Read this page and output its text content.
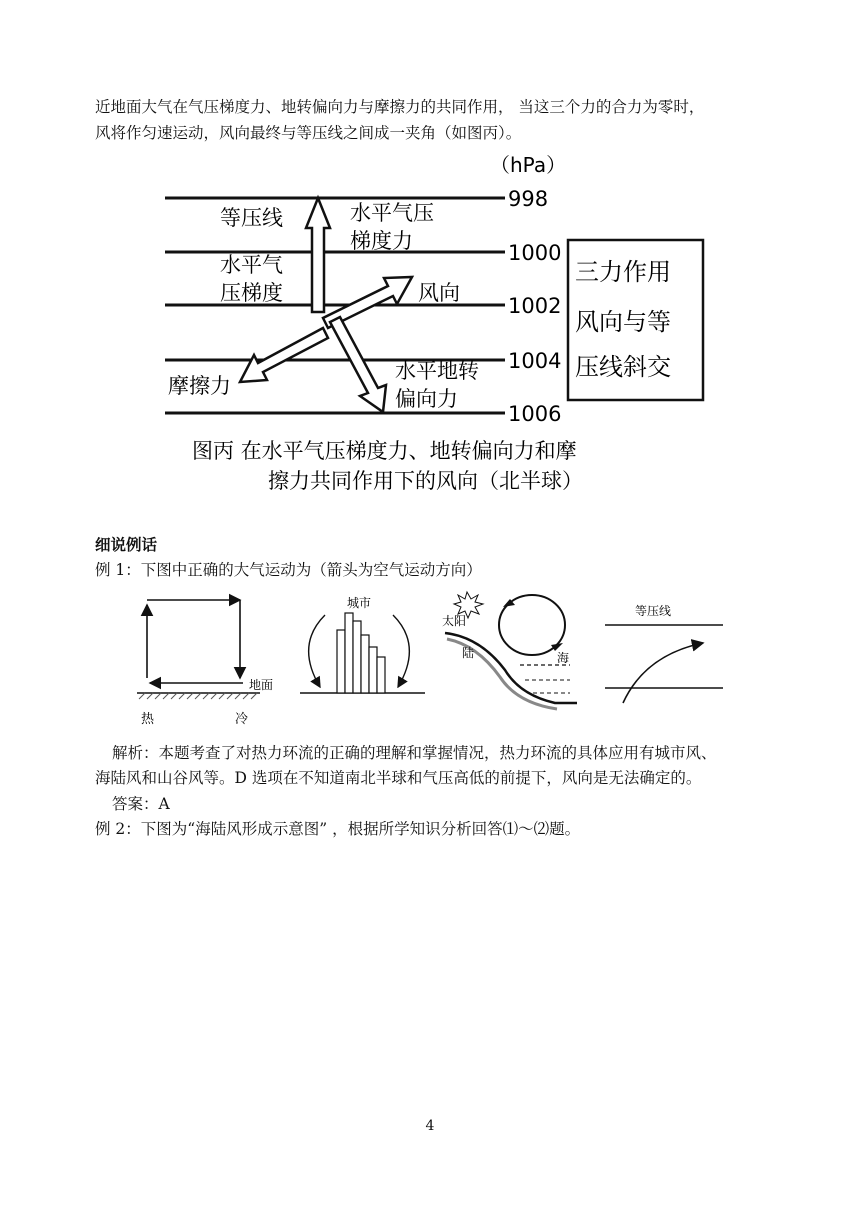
近地面大气在气压梯度力、地转偏向力与摩擦力的共同作用， 当这三个力的合力为零时，
风将作匀速运动，风向最终与等压线之间成一夹角（如图丙）。
（hPa）
998
1000
1002
1004
1006
等压线	水平气压
梯度力
水平气
压梯度	风向
摩擦力
水平地转
偏向力
三力作用
风向与等
压线斜交
图丙 在水平气压梯度力、地转偏向力和摩
擦力共同作用下的风向（北半球）
细说例话
例 1：下图中正确的大气运动为（箭头为空气运动方向）
地面
热	冷
城市
太阳
陆	海
等压线
解析：本题考查了对热力环流的正确的理解和掌握情况，热力环流的具体应用有城市风、
海陆风和山谷风等。D 选项在不知道南北半球和气压高低的前提下，风向是无法确定的。
答案：A
例 2：下图为“海陆风形成示意图” ，根据所学知识分析回答⑴～⑵题。
4
